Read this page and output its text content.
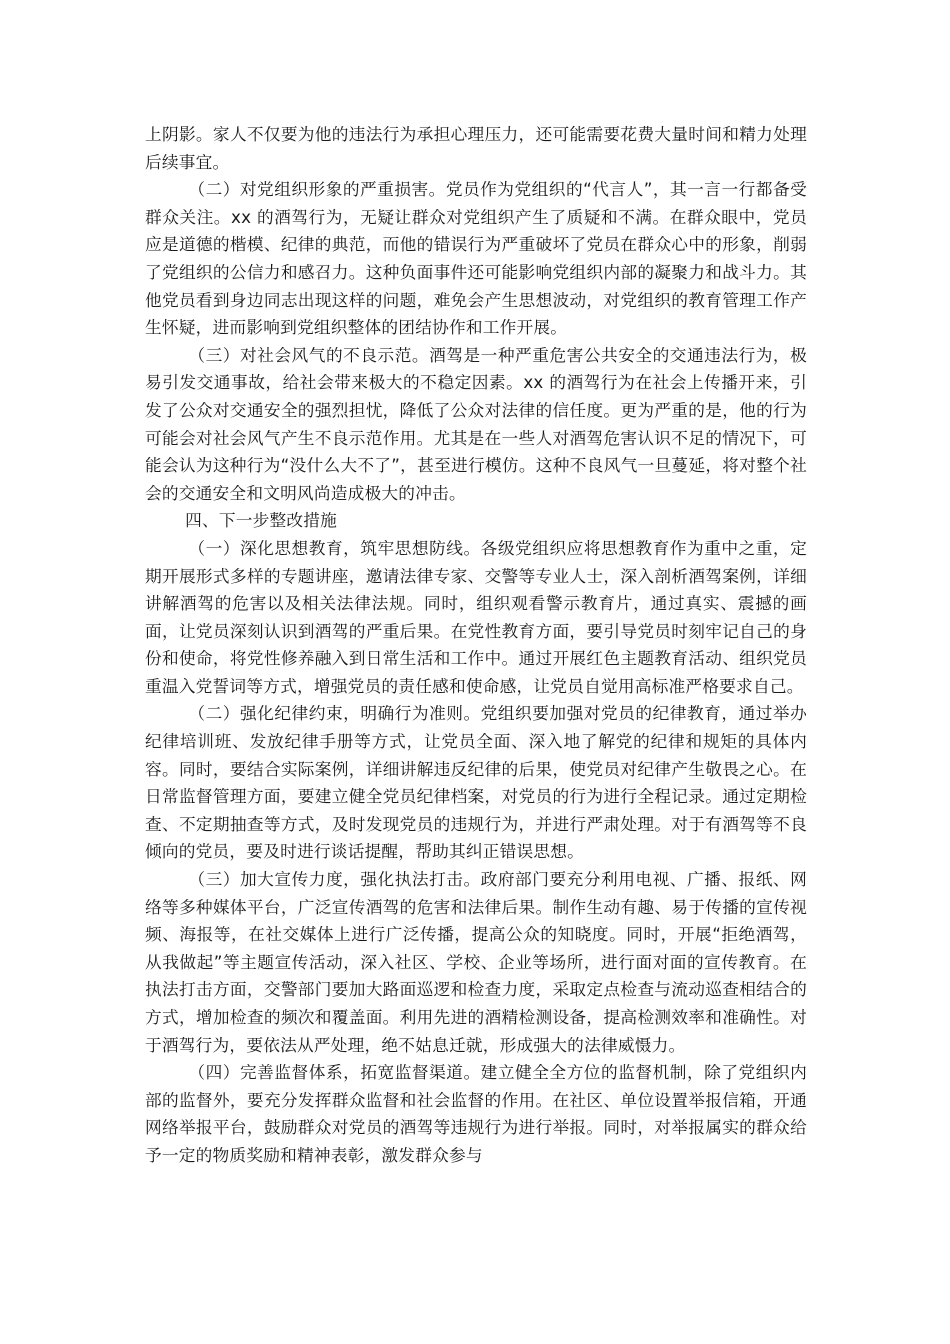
上阴影。家人不仅要为他的违法行为承担心理压力，还可能需要花费大量时间和精力处理后续事宜。

（二）对党组织形象的严重损害。党员作为党组织的“代言人”，其一言一行都备受群众关注。xx 的酒驾行为，无疑让群众对党组织产生了质疑和不满。在群众眼中，党员应是道德的楷模、纪律的典范，而他的错误行为严重破坏了党员在群众心中的形象，削弱了党组织的公信力和感召力。这种负面事件还可能影响党组织内部的凝聚力和战斗力。其他党员看到身边同志出现这样的问题，难免会产生思想波动，对党组织的教育管理工作产生怀疑，进而影响到党组织整体的团结协作和工作开展。

（三）对社会风气的不良示范。酒驾是一种严重危害公共安全的交通违法行为，极易引发交通事故，给社会带来极大的不稳定因素。xx 的酒驾行为在社会上传播开来，引发了公众对交通安全的强烈担忧，降低了公众对法律的信任度。更为严重的是，他的行为可能会对社会风气产生不良示范作用。尤其是在一些人对酒驾危害认识不足的情况下，可能会认为这种行为“没什么大不了”，甚至进行模仿。这种不良风气一旦蔓延，将对整个社会的交通安全和文明风尚造成极大的冲击。

四、下一步整改措施

（一）深化思想教育，筑牢思想防线。各级党组织应将思想教育作为重中之重，定期开展形式多样的专题讲座，邀请法律专家、交警等专业人士，深入剖析酒驾案例，详细讲解酒驾的危害以及相关法律法规。同时，组织观看警示教育片，通过真实、震撼的画面，让党员深刻认识到酒驾的严重后果。在党性教育方面，要引导党员时刻牢记自己的身份和使命，将党性修养融入到日常生活和工作中。通过开展红色主题教育活动、组织党员重温入党誓词等方式，增强党员的责任感和使命感，让党员自觉用高标准严格要求自己。

（二）强化纪律约束，明确行为准则。党组织要加强对党员的纪律教育，通过举办纪律培训班、发放纪律手册等方式，让党员全面、深入地了解党的纪律和规矩的具体内容。同时，要结合实际案例，详细讲解违反纪律的后果，使党员对纪律产生敬畏之心。在日常监督管理方面，要建立健全党员纪律档案，对党员的行为进行全程记录。通过定期检查、不定期抽查等方式，及时发现党员的违规行为，并进行严肃处理。对于有酒驾等不良倾向的党员，要及时进行谈话提醒，帮助其纠正错误思想。

（三）加大宣传力度，强化执法打击。政府部门要充分利用电视、广播、报纸、网络等多种媒体平台，广泛宣传酒驾的危害和法律后果。制作生动有趣、易于传播的宣传视频、海报等，在社交媒体上进行广泛传播，提高公众的知晓度。同时，开展“拒绝酒驾，从我做起”等主题宣传活动，深入社区、学校、企业等场所，进行面对面的宣传教育。在执法打击方面，交警部门要加大路面巡逻和检查力度，采取定点检查与流动巡查相结合的方式，增加检查的频次和覆盖面。利用先进的酒精检测设备，提高检测效率和准确性。对于酒驾行为，要依法从严处理，绝不姑息迁就，形成强大的法律威慑力。

（四）完善监督体系，拓宽监督渠道。建立健全全方位的监督机制，除了党组织内部的监督外，要充分发挥群众监督和社会监督的作用。在社区、单位设置举报信箱，开通网络举报平台，鼓励群众对党员的酒驾等违规行为进行举报。同时，对举报属实的群众给予一定的物质奖励和精神表彰，激发群众参与
